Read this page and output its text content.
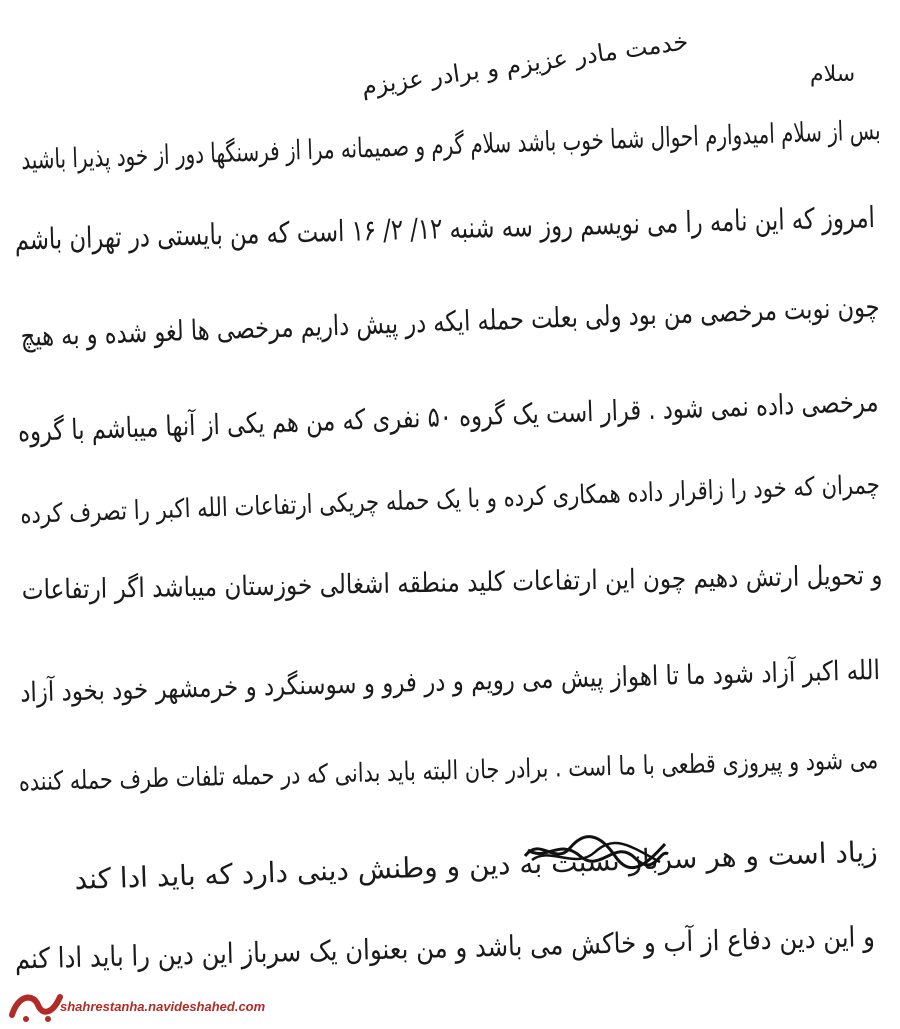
سلام
خدمت مادر عزیزم و برادر عزیزم
بس از سلام امیدوارم احوال شما خوب باشد سلام گرم و صمیمانه مرا از فرسنگها دور از خود پذیرا باشید
امروز که این نامه را می نویسم روز سه شنبه ۱۲/ ۲/ ۱۶ است که من بایستی در تهران باشم
چون نوبت مرخصی من بود ولی بعلت حمله ایکه در پیش داریم مرخصی ها لغو شده و به هیچ
مرخصی داده نمی شود . قرار است یک گروه ۵۰ نفری که من هم یکی از آنها میباشم با گروه
چمران که خود را زاقرار داده همکاری کرده و با یک حمله چریکی ارتفاعات الله اکبر را تصرف کرده
و تحویل ارتش دهیم چون این ارتفاعات کلید منطقه اشغالی خوزستان میباشد اگر ارتفاعات
الله اکبر آزاد شود ما تا اهواز پیش می رویم و در فرو و سوسنگرد و خرمشهر خود بخود آزاد
می شود و پیروزی قطعی با ما است . برادر جان البته باید بدانی که در حمله تلفات طرف حمله کننده
زیاد است و هر سرباز نسبت به دین و وطنش دینی دارد که باید ادا کند
و این دین دفاع از آب و خاکش می باشد و من بعنوان یک سرباز این دین را باید ادا کنم
shahrestanha.navideshahed.com
